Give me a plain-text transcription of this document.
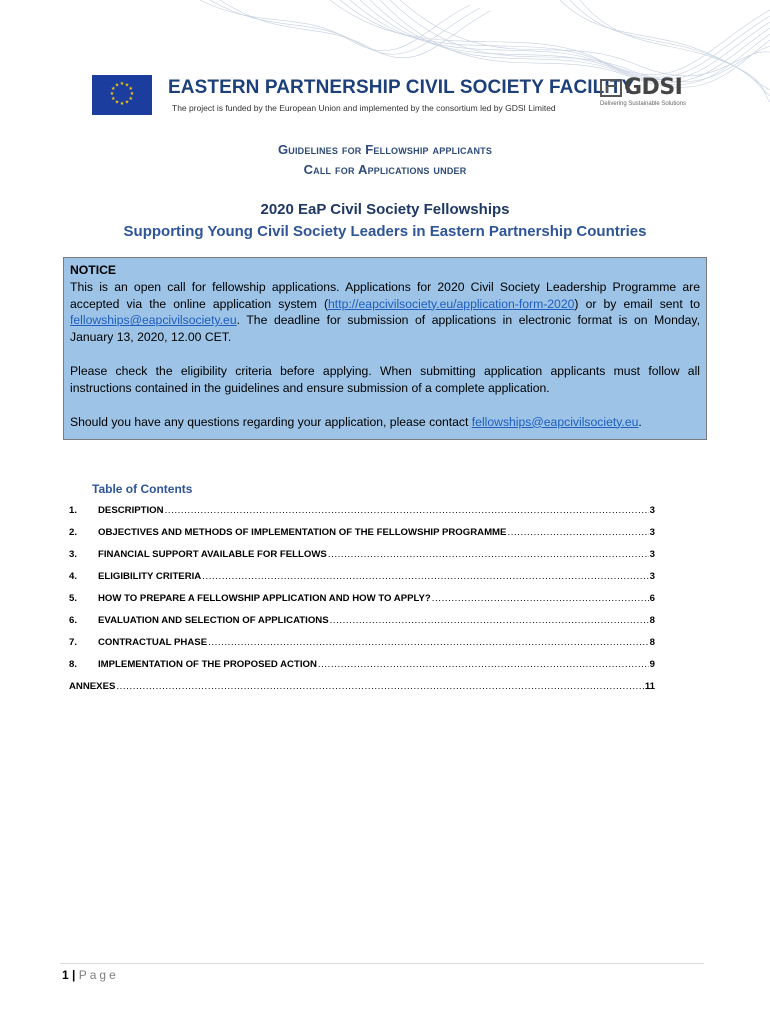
★ ★
★
★
★
★
★
★
★
★
★
★	EASTERN PARTNERSHIP CIVIL SOCIETY FACILITY
The project is funded by the European Union and implemented by the consortium led by GDSI Limited
GDSI
Delivering Sustainable Solutions
Guidelines for Fellowship applicants
Call for Applications under
2020 EaP Civil Society Fellowships
Supporting Young Civil Society Leaders in Eastern Partnership Countries

NOTICE

This is an open call for fellowship applications. Applications for 2020 Civil Society Leadership Programme are accepted via the online application system (http://eapcivilsociety.eu/application-form-2020) or by email sent to fellowships@eapcivilsociety.eu. The deadline for submission of applications in electronic format is on Monday, January 13, 2020, 12.00 CET.

Please check the eligibility criteria before applying. When submitting application applicants must follow all instructions contained in the guidelines and ensure submission of a complete application.

Should you have any questions regarding your application, please contact fellowships@eapcivilsociety.eu.

Table of Contents
1.	DESCRIPTION .....	3
2.	OBJECTIVES AND METHODS OF IMPLEMENTATION OF THE FELLOWSHIP PROGRAMME .....	3
3.	FINANCIAL SUPPORT AVAILABLE FOR FELLOWS .....	3
4.	ELIGIBILITY CRITERIA .....	3
5.	HOW TO PREPARE A FELLOWSHIP APPLICATION AND HOW TO APPLY? .....	6
6.	EVALUATION AND SELECTION OF APPLICATIONS .....	8
7.	CONTRACTUAL PHASE .....	8
8.	IMPLEMENTATION OF THE PROPOSED ACTION .....	9
ANNEXES .....	11
1 | Page
